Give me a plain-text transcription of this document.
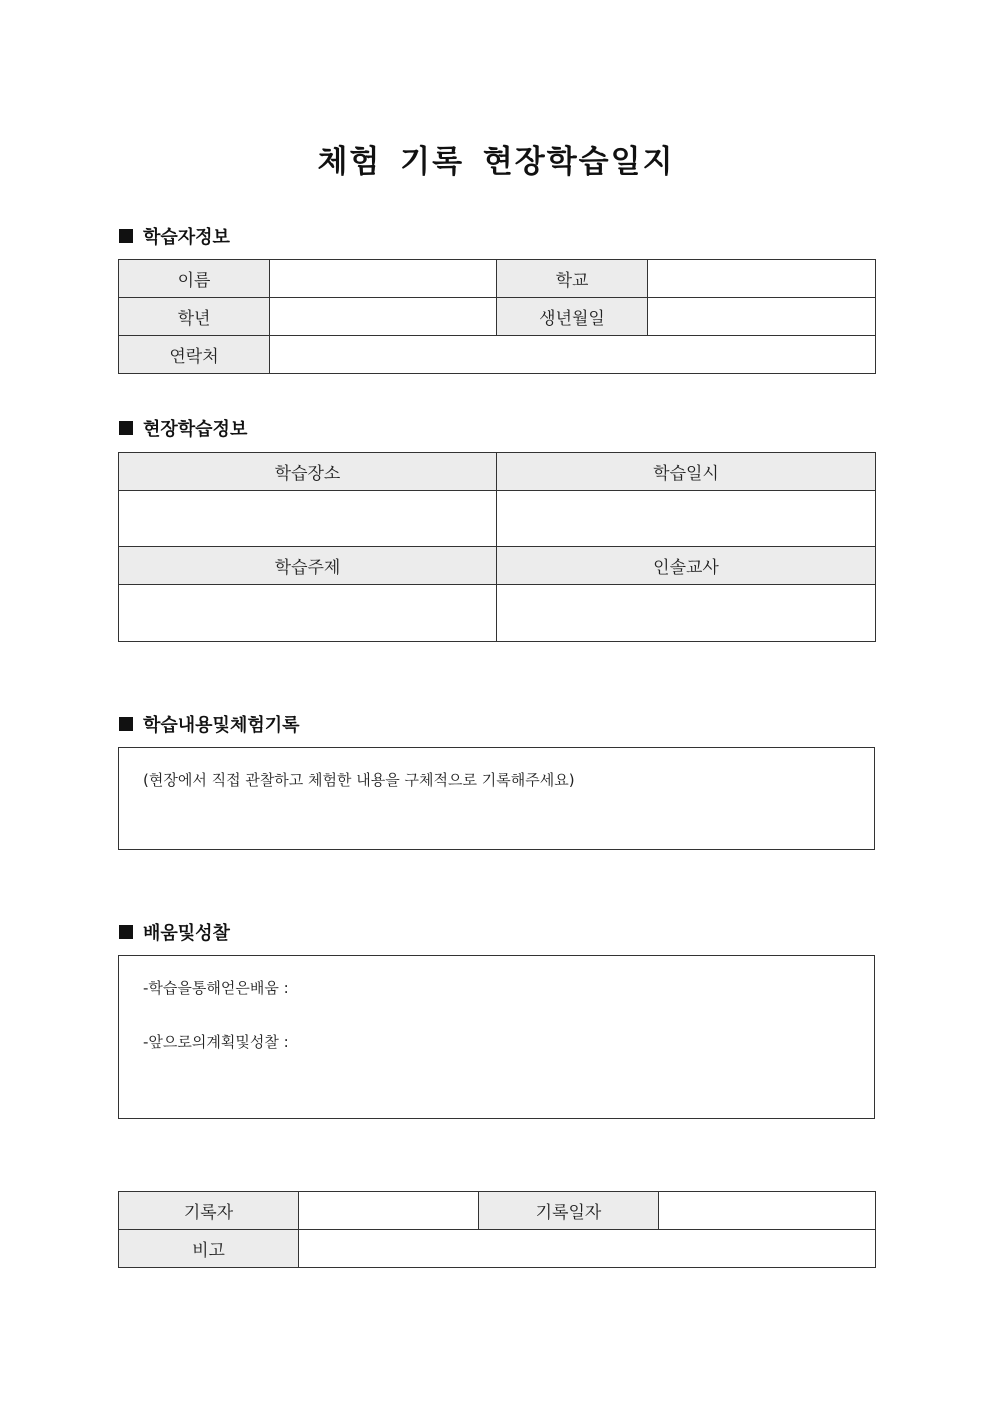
체험 기록 현장학습일지
학습자정보
이름		학교	
학년		생년월일	
연락처			
현장학습정보
학습장소	학습일시

학습주제	인솔교사

학습내용및체험기록
(현장에서 직접 관찰하고 체험한 내용을 구체적으로 기록해주세요)
배움및성찰
-학습을통해얻은배움 :
-앞으로의계획및성찰 :
기록자		기록일자	
비고			
